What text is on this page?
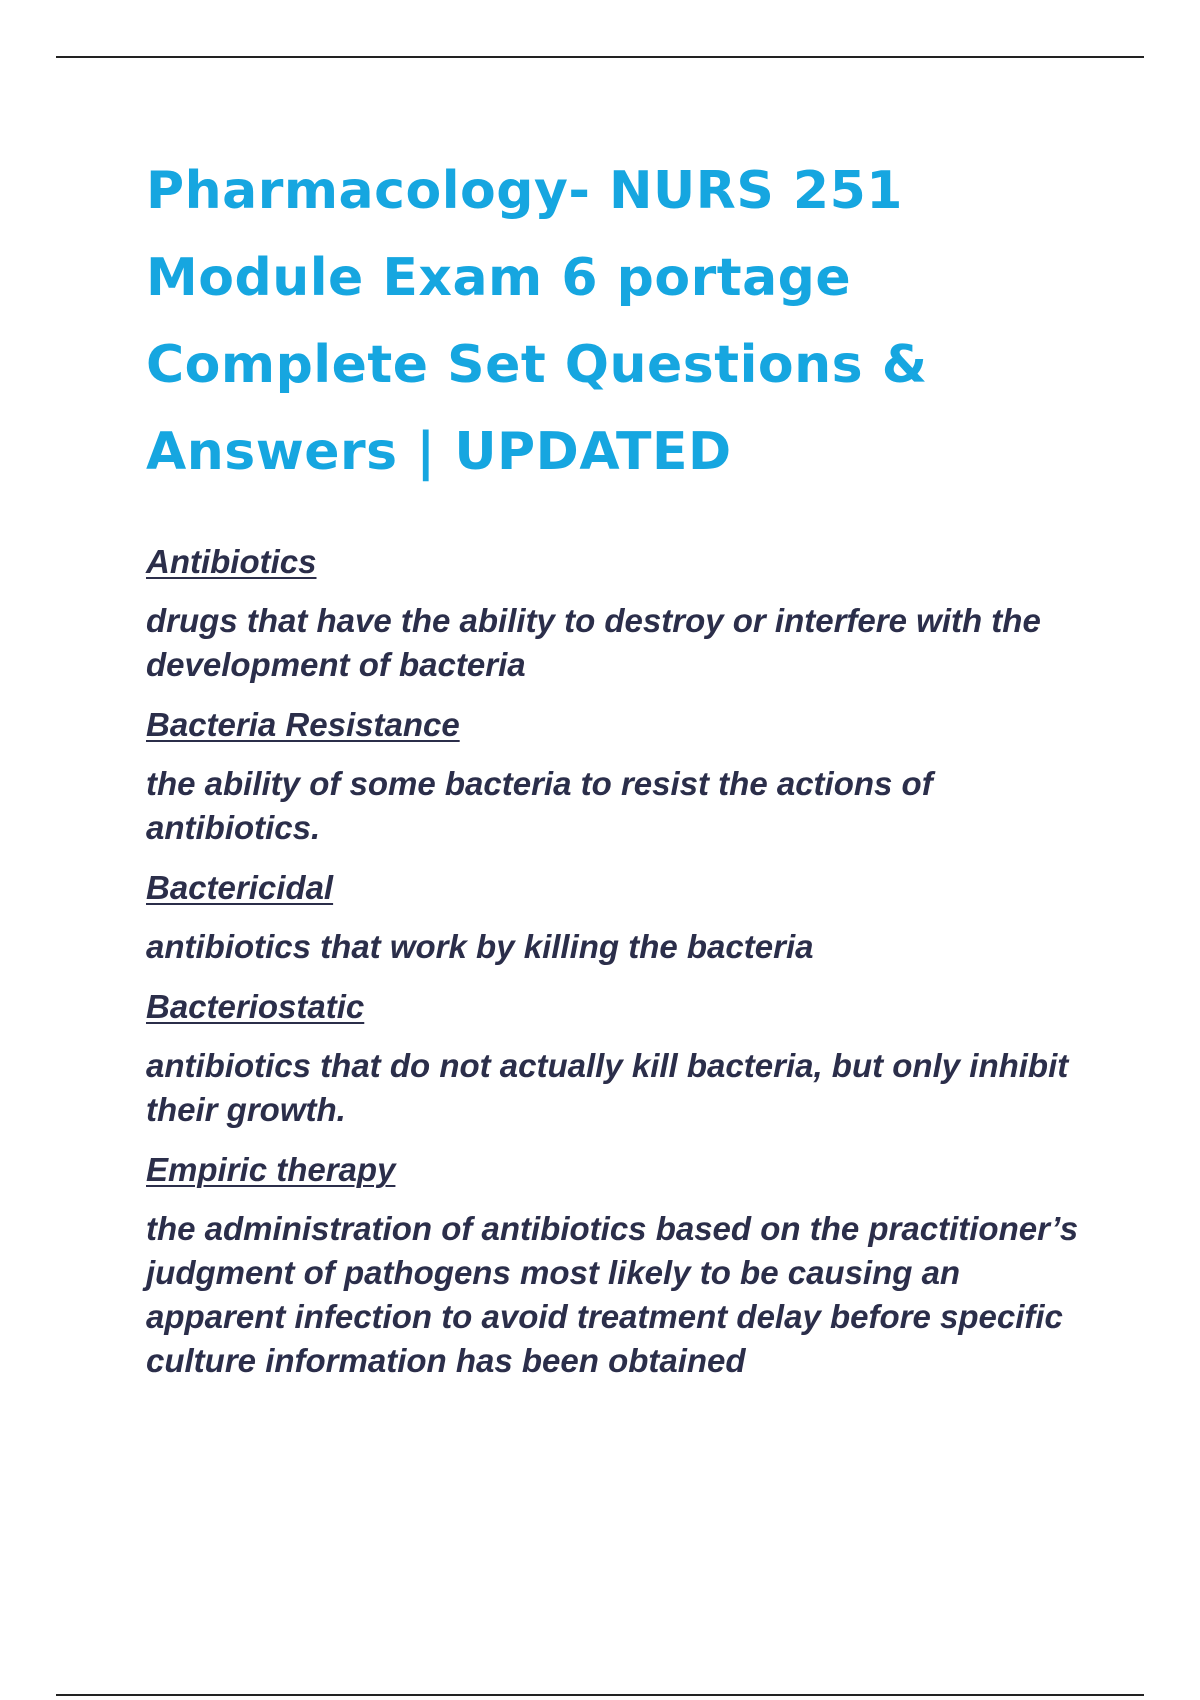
Pharmacology- NURS 251
Module Exam 6 portage
Complete Set Questions &
Answers | UPDATED
Antibiotics
drugs that have the ability to destroy or interfere with the development of bacteria
Bacteria Resistance
the ability of some bacteria to resist the actions of antibiotics.
Bactericidal
antibiotics that work by killing the bacteria
Bacteriostatic
antibiotics that do not actually kill bacteria, but only inhibit their growth.
Empiric therapy
the administration of antibiotics based on the practitioner’s judgment of pathogens most likely to be causing an apparent infection to avoid treatment delay before specific culture information has been obtained
